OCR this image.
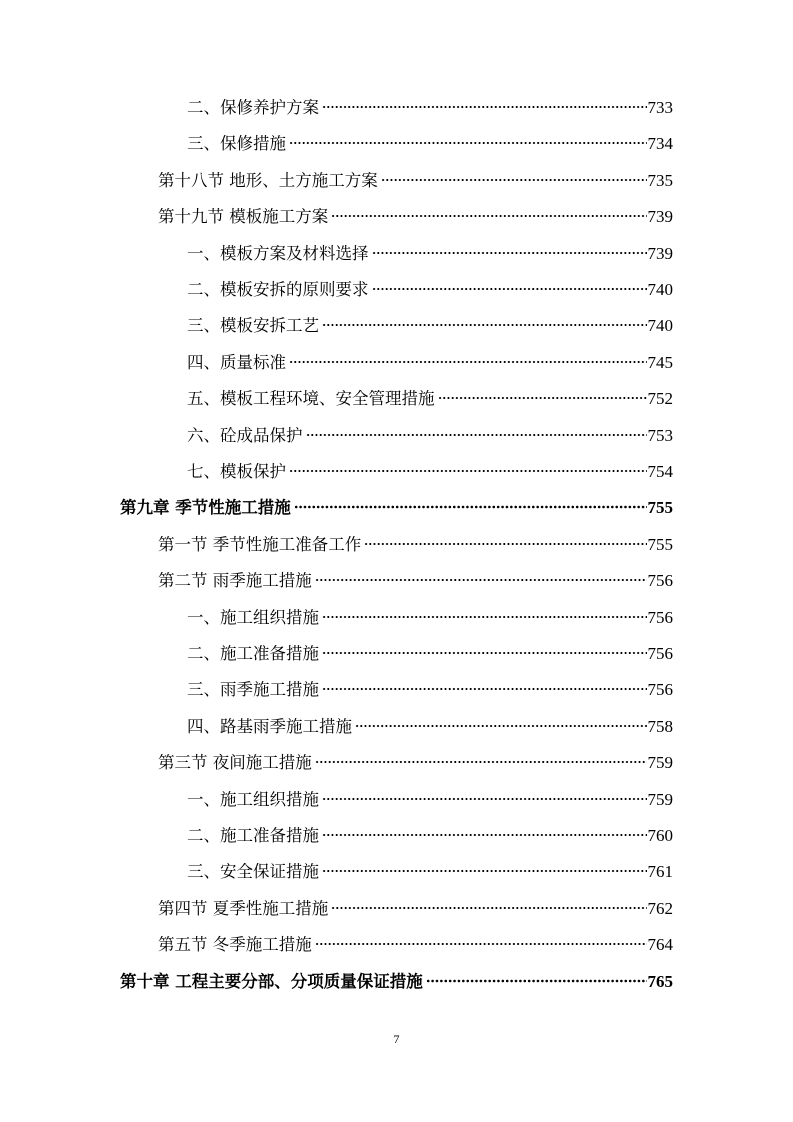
二、保修养护方案	733
三、保修措施	734
第十八节 地形、土方施工方案	735
第十九节 模板施工方案	739
一、模板方案及材料选择	739
二、模板安拆的原则要求	740
三、模板安拆工艺	740
四、质量标准	745
五、模板工程环境、安全管理措施	752
六、砼成品保护	753
七、模板保护	754
第九章 季节性施工措施	755
第一节 季节性施工准备工作	755
第二节 雨季施工措施	756
一、施工组织措施	756
二、施工准备措施	756
三、雨季施工措施	756
四、路基雨季施工措施	758
第三节 夜间施工措施	759
一、施工组织措施	759
二、施工准备措施	760
三、安全保证措施	761
第四节 夏季性施工措施	762
第五节 冬季施工措施	764
第十章 工程主要分部、分项质量保证措施	765
7
